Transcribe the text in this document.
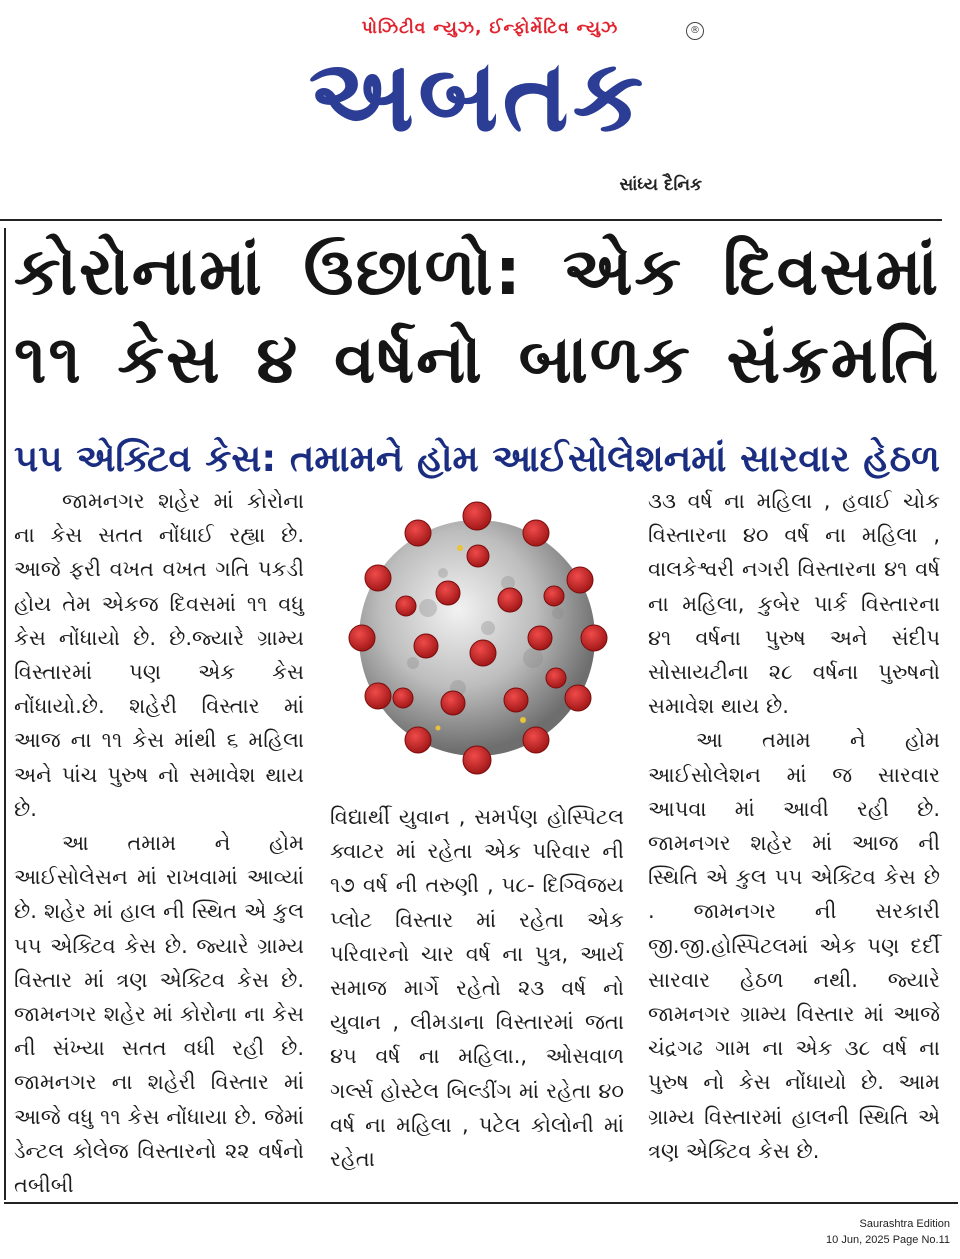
પોઝિટીવ ન્યુઝ, ઈન્ફોર્મેટિવ ન્યુઝ	®
અબતક
સાંધ્ય દૈનિક
કોરોનામાં ઉછાળો: એક દિવસમાં
૧૧ કેસ ૪ વર્ષનો બાળક સંક્રમતિ
૫૫ એક્ટિવ કેસ: તમામને હોમ આઈસોલેશનમાં સારવાર હેઠળ

જામનગર શહેર માં કોરોના ના કેસ સતત નોંધાઈ રહ્યા છે. આજે ફરી વખત વખત ગતિ પકડી હોય તેમ એકજ દિવસમાં ૧૧ વધુ કેસ નોંધાયો છે. છે.જ્યારે ગ્રામ્ય વિસ્તારમાં પણ એક કેસ નોંધાયો.છે. શહેરી વિસ્તાર માં આજ ના ૧૧ કેસ માંથી ૬ મહિલા અને પાંચ પુરુષ નો સમાવેશ થાય છે.

આ તમામ ને હોમ આઈસોલેસન માં રાખવામાં આવ્યાં છે. શહેર માં હાલ ની સ્થિત એ કુલ ૫૫ એક્ટિવ કેસ છે. જ્યારે ગ્રામ્ય વિસ્તાર માં ત્રણ એક્ટિવ કેસ છે. જામનગર શહેર માં કોરોના ના કેસ ની સંખ્યા સતત વધી રહી છે. જામનગર ના શહેરી વિસ્તાર માં આજે વધુ ૧૧ કેસ નોંધાયા છે. જેમાં ડેન્ટલ કોલેજ વિસ્તારનો ૨૨ વર્ષનો તબીબી

વિદ્યાર્થી યુવાન , સમર્પણ હોસ્પિટલ ક્વાટર માં રહેતા એક પરિવાર ની ૧૭ વર્ષ ની તરુણી , ૫૮- દિગ્વિજય પ્લોટ વિસ્તાર માં રહેતા એક પરિવારનો ચાર વર્ષ ના પુત્ર, આર્ય સમાજ માર્ગે રહેતો ૨૩ વર્ષ નો યુવાન , લીમડાના વિસ્તારમાં જતા ૪૫ વર્ષ ના મહિલા., ઓસવાળ ગર્લ્સ હોસ્ટેલ બિલ્ડીંગ માં રહેતા ૪૦ વર્ષ ના મહિલા , પટેલ કોલોની માં રહેતા

૩૩ વર્ષ ના મહિલા , હવાઈ ચોક વિસ્તારના ૪૦ વર્ષ ના મહિલા , વાલકેશ્વરી નગરી વિસ્તારના ૪૧ વર્ષ ના મહિલા, કુબેર પાર્ક વિસ્તારના ૪૧ વર્ષના પુરુષ અને સંદીપ સોસાયટીના ૨૮ વર્ષના પુરુષનો સમાવેશ થાય છે.

આ તમામ ને હોમ આઈસોલેશન માં જ સારવાર આપવા માં આવી રહી છે. જામનગર શહેર માં આજ ની સ્થિતિ એ કુલ ૫૫ એક્ટિવ કેસ છે . જામનગર ની સરકારી જી.જી.હોસ્પિટલમાં એક પણ દર્દી સારવાર હેઠળ નથી. જ્યારે જામનગર ગ્રામ્ય વિસ્તાર માં આજે ચંદ્રગઢ ગામ ના એક ૩૮ વર્ષ ના પુરુષ નો કેસ નોંધાયો છે. આમ ગ્રામ્ય વિસ્તારમાં હાલની સ્થિતિ એ ત્રણ એક્ટિવ કેસ છે.

Saurashtra Edition
10 Jun, 2025 Page No.11
